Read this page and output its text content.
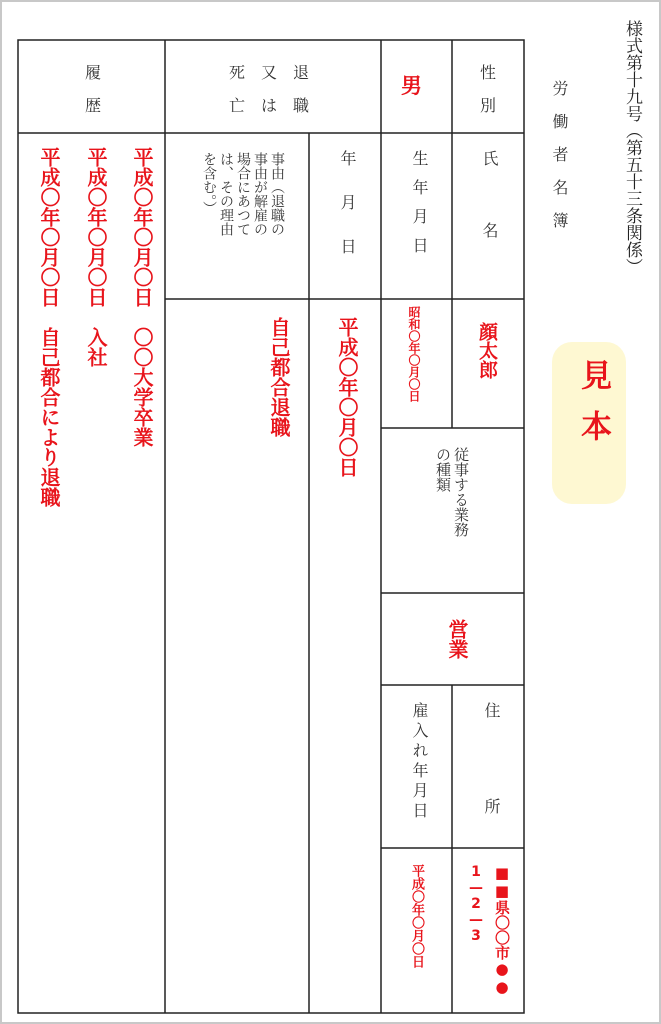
様式第十九号（第五十三条関係）
労働者名簿
見本
履
歴
死　又　退
亡　は　職
男
性
別
氏　　名
生年月日
年　月　日
事由（退職の
事由が解雇の
場合にあつて
は、その理由
を含む。）
顔太郎
昭和〇年〇月〇日
平成〇年〇月〇日
自己都合退職
従事する業務
の種類
営業
雇入れ年月日	住　　　所
平成〇年〇月〇日	■■県〇〇市●●
1—2—3
平成〇年〇月〇日　〇〇大学卒業
平成〇年〇月〇日　入社
平成〇年〇月〇日　自己都合により退職
